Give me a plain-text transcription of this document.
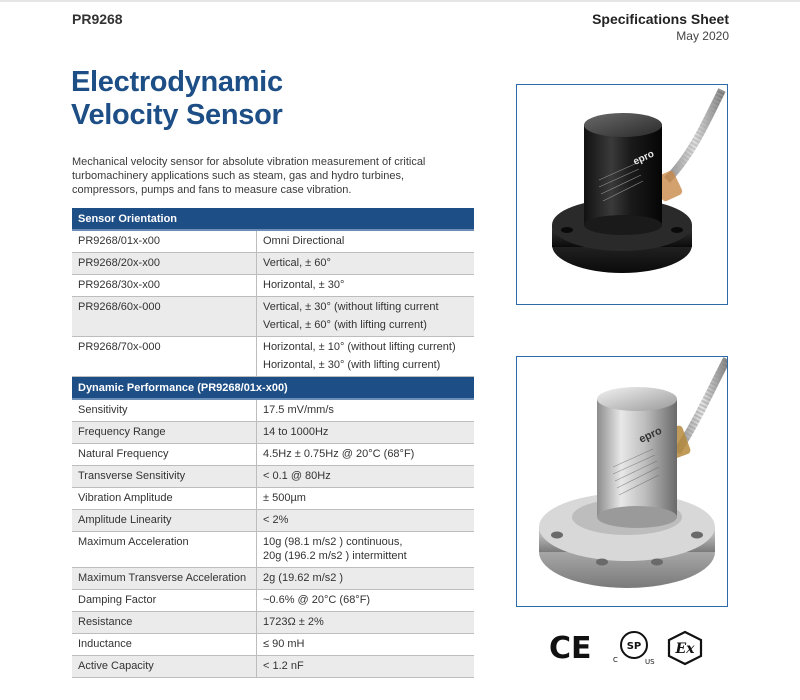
PR9268	Specifications Sheet
May 2020
Electrodynamic
Velocity Sensor

Mechanical velocity sensor for absolute vibration measurement of critical turbomachinery applications such as steam, gas and hydro turbines, compressors, pumps and fans to measure case vibration.

Sensor Orientation
PR9268/01x-x00	Omni Directional
PR9268/20x-x00	Vertical, ± 60°
PR9268/30x-x00	Horizontal, ± 30°
PR9268/60x-000	Vertical, ± 30° (without lifting current
Vertical, ± 60° (with lifting current)
PR9268/70x-000	Horizontal, ± 10° (without lifting current)
Horizontal, ± 30° (with lifting current)
Dynamic Performance (PR9268/01x-x00)
Sensitivity	17.5 mV/mm/s
Frequency Range	14 to 1000Hz
Natural Frequency	4.5Hz ± 0.75Hz @ 20°C (68°F)
Transverse Sensitivity	< 0.1 @ 80Hz
Vibration Amplitude	± 500µm
Amplitude Linearity	< 2%
Maximum Acceleration	10g (98.1 m/s2 ) continuous,
20g (196.2 m/s2 ) intermittent
Maximum Transverse Acceleration	2g (19.62 m/s2 )
Damping Factor	~0.6% @ 20°C (68°F)
Resistance	1723Ω ± 2%
Inductance	≤ 90 mH
Active Capacity	< 1.2 nF
epro
epro
CE	SP
C	US
Ex
